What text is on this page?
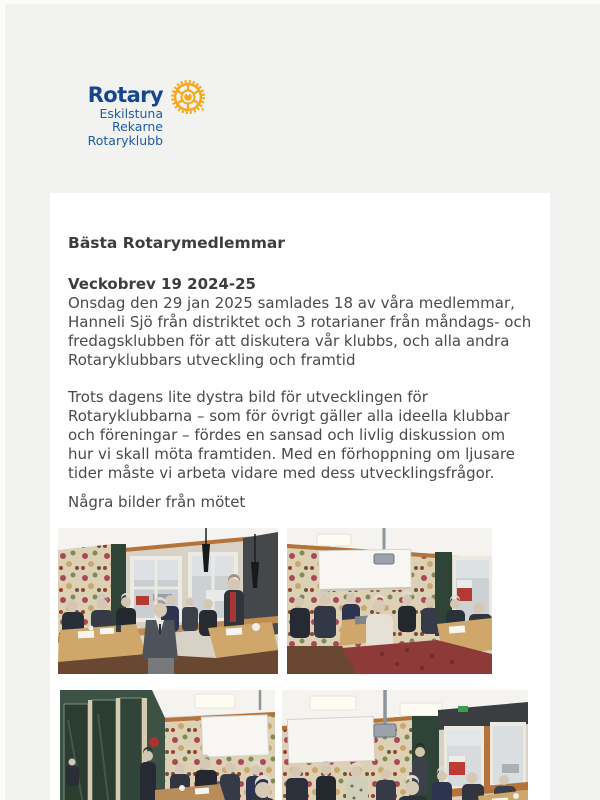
Rotary
Eskilstuna Rekarne
Rotaryklubb
Bästa Rotarymedlemmar
Veckobrev 19 2024-25
Onsdag den 29 jan 2025 samlades 18 av våra medlemmar, Hanneli Sjö från distriktet och 3 rotarianer från måndags- och fredagsklubben för att diskutera vår klubbs, och alla andra Rotaryklubbars utveckling och framtid
Trots dagens lite dystra bild för utvecklingen för Rotaryklubbarna – som för övrigt gäller alla ideella klubbar och föreningar – fördes en sansad och livlig diskussion om hur vi skall möta framtiden. Med en förhoppning om ljusare tider måste vi arbeta vidare med dess utvecklingsfrågor.
Några bilder från mötet
